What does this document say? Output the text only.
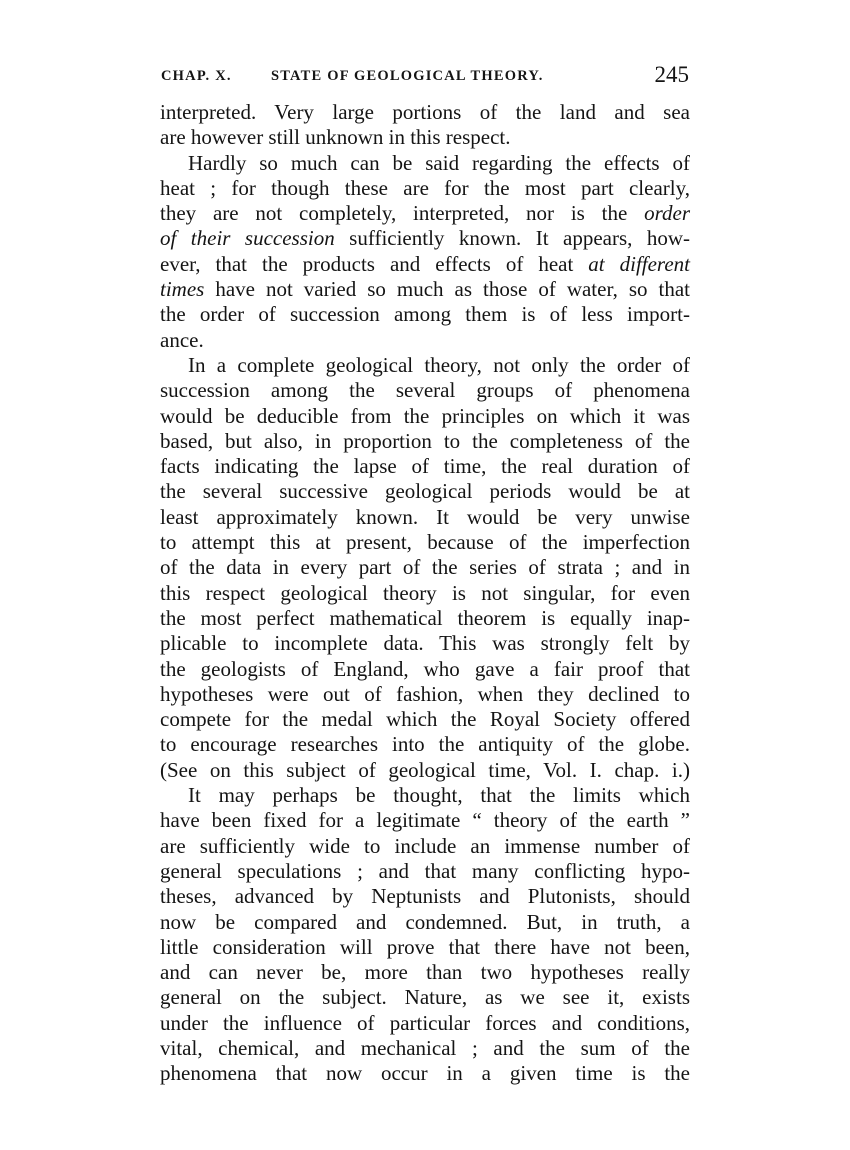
CHAP. X.	STATE OF GEOLOGICAL THEORY.	245
interpreted. Very large portions of the land and sea
are however still unknown in this respect.
Hardly so much can be said regarding the effects of
heat ; for though these are for the most part clearly,
they are not completely, interpreted, nor is the order
of their succession sufficiently known. It appears, how-
ever, that the products and effects of heat at different
times have not varied so much as those of water, so that
the order of succession among them is of less import-
ance.
In a complete geological theory, not only the order of
succession among the several groups of phenomena
would be deducible from the principles on which it was
based, but also, in proportion to the completeness of the
facts indicating the lapse of time, the real duration of
the several successive geological periods would be at
least approximately known. It would be very unwise
to attempt this at present, because of the imperfection
of the data in every part of the series of strata ; and in
this respect geological theory is not singular, for even
the most perfect mathematical theorem is equally inap-
plicable to incomplete data. This was strongly felt by
the geologists of England, who gave a fair proof that
hypotheses were out of fashion, when they declined to
compete for the medal which the Royal Society offered
to encourage researches into the antiquity of the globe.
(See on this subject of geological time, Vol. I. chap. i.)
It may perhaps be thought, that the limits which
have been fixed for a legitimate “ theory of the earth ”
are sufficiently wide to include an immense number of
general speculations ; and that many conflicting hypo-
theses, advanced by Neptunists and Plutonists, should
now be compared and condemned. But, in truth, a
little consideration will prove that there have not been,
and can never be, more than two hypotheses really
general on the subject. Nature, as we see it, exists
under the influence of particular forces and conditions,
vital, chemical, and mechanical ; and the sum of the
phenomena that now occur in a given time is the
